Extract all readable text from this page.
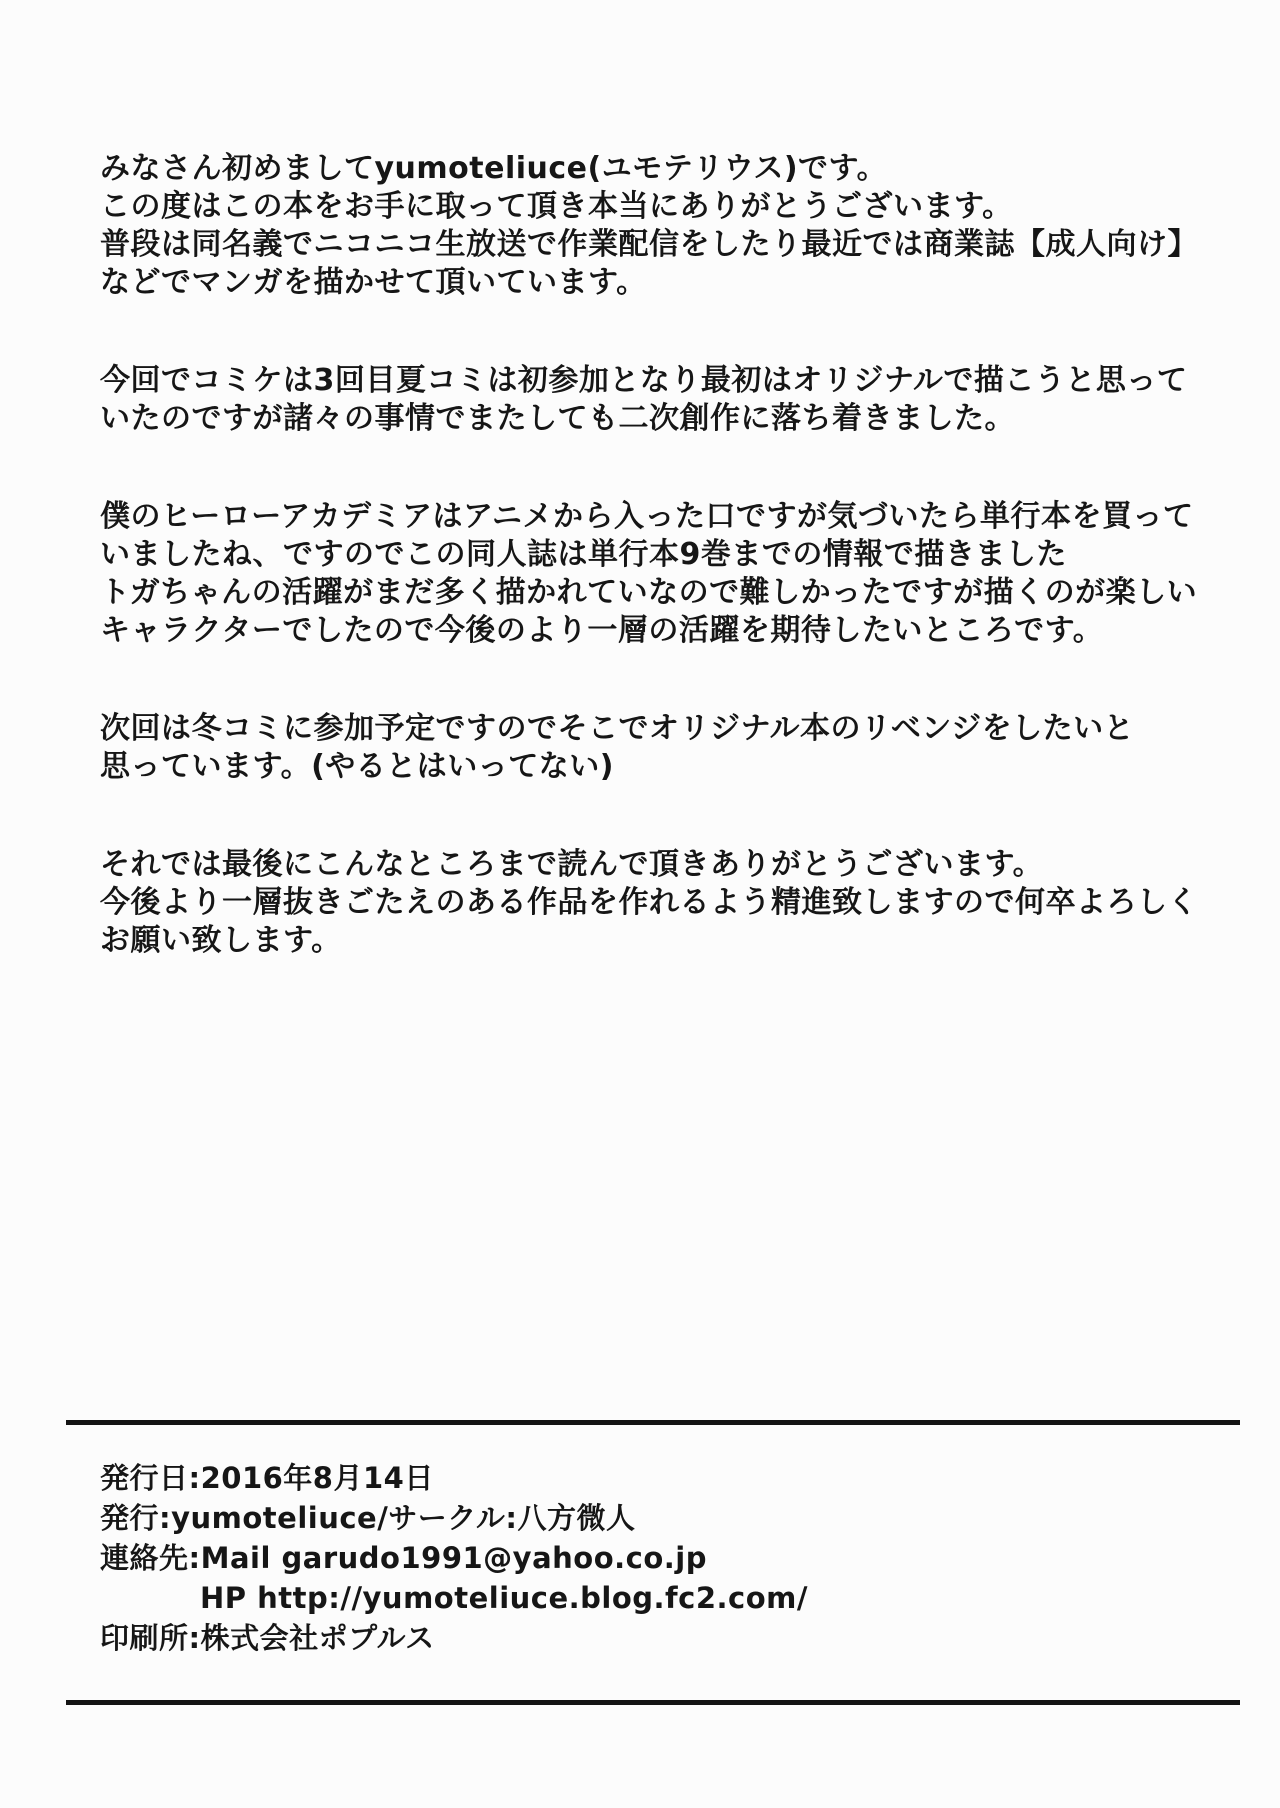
みなさん初めましてyumoteliuce(ユモテリウス)です。
この度はこの本をお手に取って頂き本当にありがとうございます。
普段は同名義でニコニコ生放送で作業配信をしたり最近では商業誌【成人向け】
などでマンガを描かせて頂いています。

今回でコミケは3回目夏コミは初参加となり最初はオリジナルで描こうと思って
いたのですが諸々の事情でまたしても二次創作に落ち着きました。

僕のヒーローアカデミアはアニメから入った口ですが気づいたら単行本を買って
いましたね、ですのでこの同人誌は単行本9巻までの情報で描きました
トガちゃんの活躍がまだ多く描かれていなので難しかったですが描くのが楽しい
キャラクターでしたので今後のより一層の活躍を期待したいところです。

次回は冬コミに参加予定ですのでそこでオリジナル本のリベンジをしたいと
思っています。(やるとはいってない)

それでは最後にこんなところまで読んで頂きありがとうございます。
今後より一層抜きごたえのある作品を作れるよう精進致しますので何卒よろしく
お願い致します。

発行日:2016年8月14日
発行:yumoteliuce/サークル:八方微人
連絡先:Mail garudo1991@yahoo.co.jp
HP http://yumoteliuce.blog.fc2.com/
印刷所:株式会社ポプルス
